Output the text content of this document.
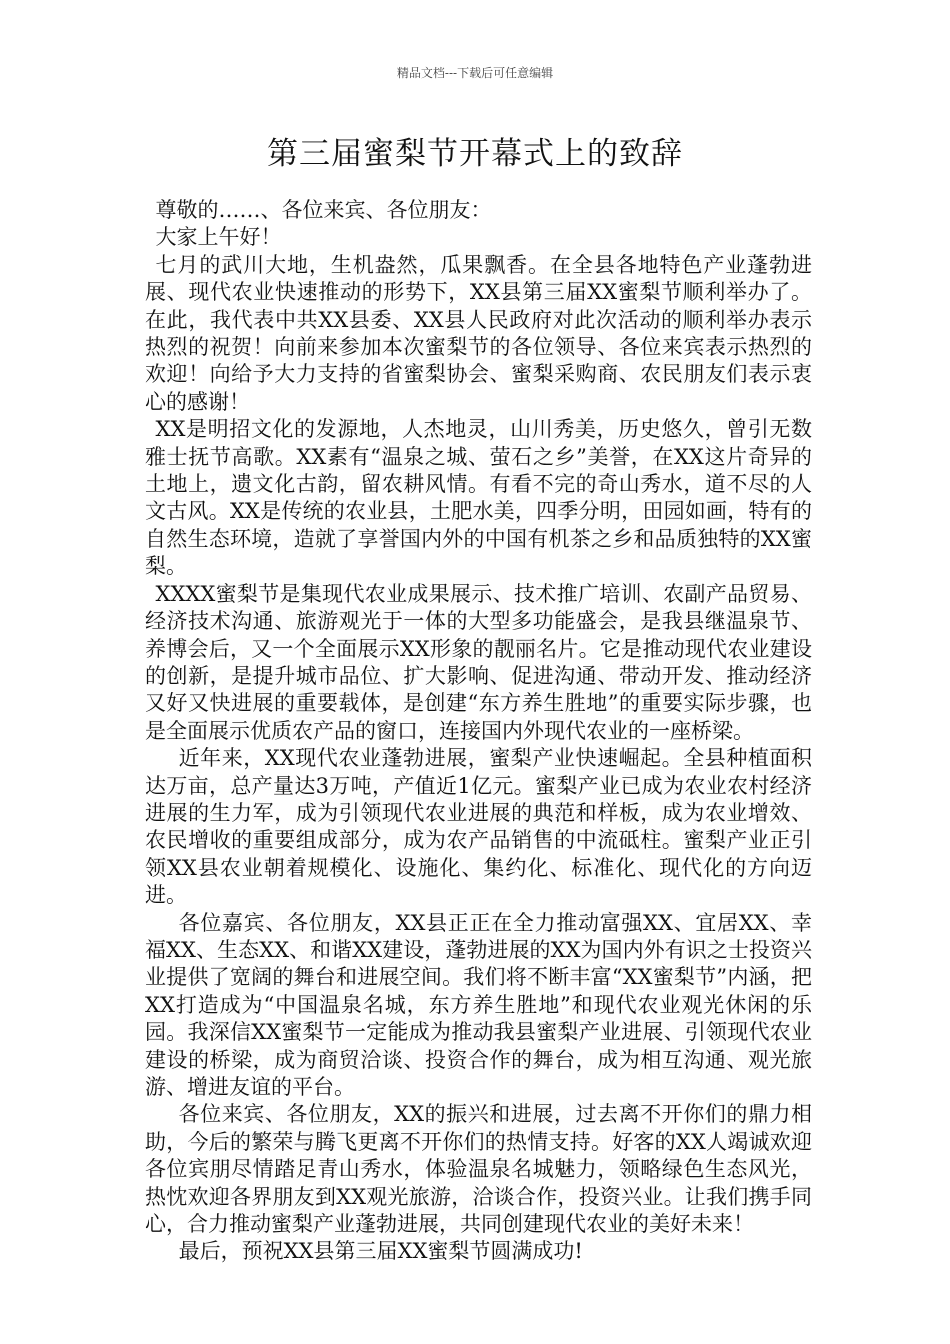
精品文档---下载后可任意编辑
第三届蜜梨节开幕式上的致辞

尊敬的……、各位来宾、各位朋友：

大家上午好！

七月的武川大地，生机盎然，瓜果飘香。在全县各地特色产业蓬勃进展、现代农业快速推动的形势下，XX县第三届XX蜜梨节顺利举办了。在此，我代表中共XX县委、XX县人民政府对此次活动的顺利举办表示热烈的祝贺！向前来参加本次蜜梨节的各位领导、各位来宾表示热烈的欢迎！向给予大力支持的省蜜梨协会、蜜梨采购商、农民朋友们表示衷心的感谢！

XX是明招文化的发源地，人杰地灵，山川秀美，历史悠久，曾引无数雅士抚节高歌。XX素有“温泉之城、萤石之乡”美誉，在XX这片奇异的土地上，遗文化古韵，留农耕风情。有看不完的奇山秀水，道不尽的人文古风。XX是传统的农业县，土肥水美，四季分明，田园如画，特有的自然生态环境，造就了享誉国内外的中国有机茶之乡和品质独特的XX蜜梨。

XXXX蜜梨节是集现代农业成果展示、技术推广培训、农副产品贸易、经济技术沟通、旅游观光于一体的大型多功能盛会，是我县继温泉节、养博会后，又一个全面展示XX形象的靓丽名片。它是推动现代农业建设的创新，是提升城市品位、扩大影响、促进沟通、带动开发、推动经济又好又快进展的重要载体，是创建“东方养生胜地”的重要实际步骤，也是全面展示优质农产品的窗口，连接国内外现代农业的一座桥梁。

近年来，XX现代农业蓬勃进展，蜜梨产业快速崛起。全县种植面积达万亩，总产量达3万吨，产值近1亿元。蜜梨产业已成为农业农村经济进展的生力军，成为引领现代农业进展的典范和样板，成为农业增效、农民增收的重要组成部分，成为农产品销售的中流砥柱。蜜梨产业正引领XX县农业朝着规模化、设施化、集约化、标准化、现代化的方向迈进。

各位嘉宾、各位朋友，XX县正正在全力推动富强XX、宜居XX、幸福XX、生态XX、和谐XX建设，蓬勃进展的XX为国内外有识之士投资兴业提供了宽阔的舞台和进展空间。我们将不断丰富“XX蜜梨节”内涵，把XX打造成为“中国温泉名城，东方养生胜地”和现代农业观光休闲的乐园。我深信XX蜜梨节一定能成为推动我县蜜梨产业进展、引领现代农业建设的桥梁，成为商贸洽谈、投资合作的舞台，成为相互沟通、观光旅游、增进友谊的平台。

各位来宾、各位朋友，XX的振兴和进展，过去离不开你们的鼎力相助，今后的繁荣与腾飞更离不开你们的热情支持。好客的XX人竭诚欢迎各位宾朋尽情踏足青山秀水，体验温泉名城魅力，领略绿色生态风光，热忱欢迎各界朋友到XX观光旅游，洽谈合作，投资兴业。让我们携手同心，合力推动蜜梨产业蓬勃进展，共同创建现代农业的美好未来！

最后，预祝XX县第三届XX蜜梨节圆满成功!
